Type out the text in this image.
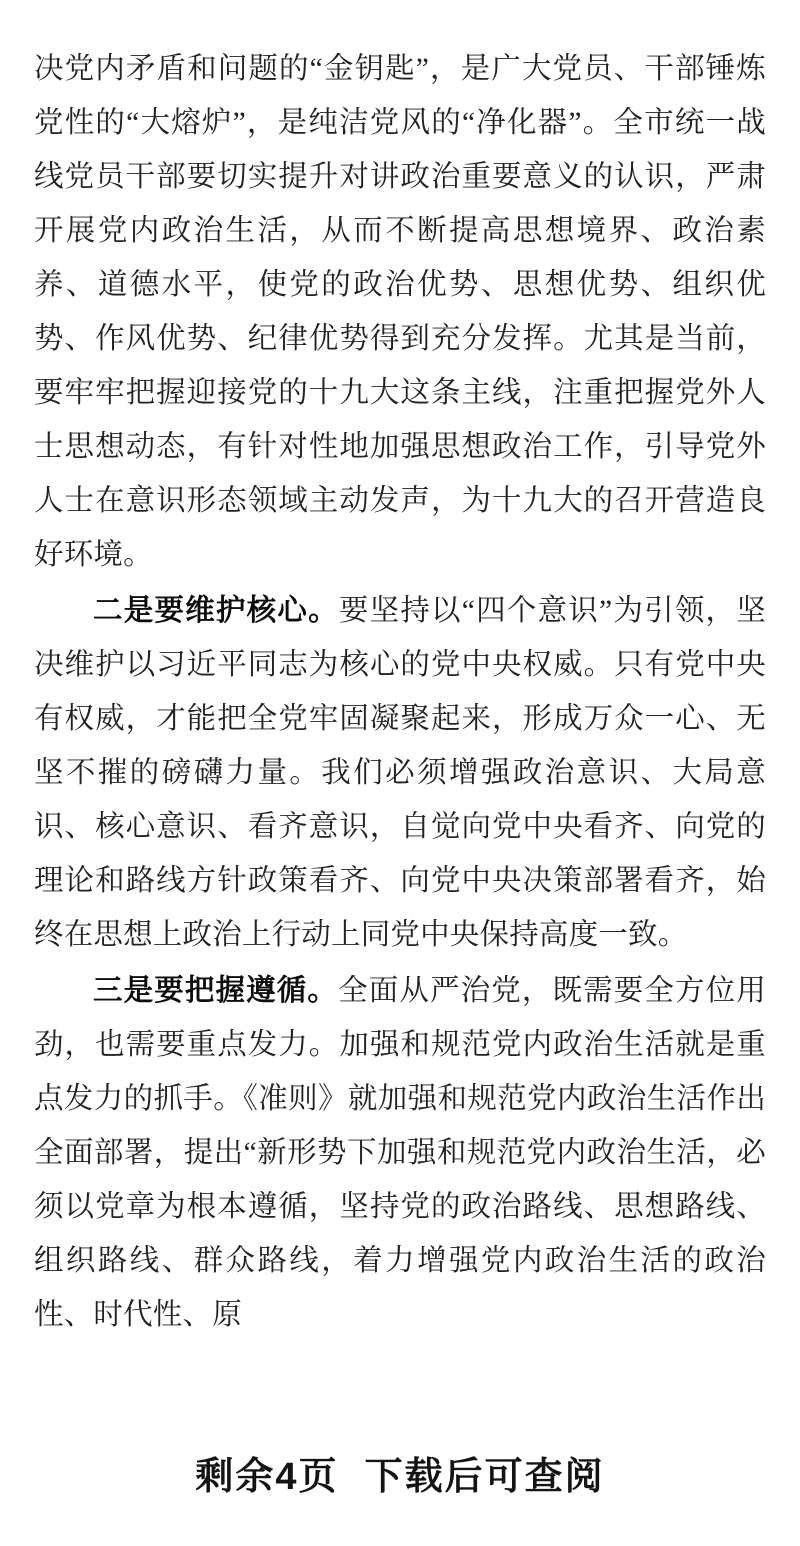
决党内矛盾和问题的“金钥匙”，是广大党员、干部锤炼党性的“大熔炉”，是纯洁党风的“净化器”。全市统一战线党员干部要切实提升对讲政治重要意义的认识，严肃开展党内政治生活，从而不断提高思想境界、政治素养、道德水平，使党的政治优势、思想优势、组织优势、作风优势、纪律优势得到充分发挥。尤其是当前，要牢牢把握迎接党的十九大这条主线，注重把握党外人士思想动态，有针对性地加强思想政治工作，引导党外人士在意识形态领域主动发声，为十九大的召开营造良好环境。

二是要维护核心。要坚持以“四个意识”为引领，坚决维护以习近平同志为核心的党中央权威。只有党中央有权威，才能把全党牢固凝聚起来，形成万众一心、无坚不摧的磅礴力量。我们必须增强政治意识、大局意识、核心意识、看齐意识，自觉向党中央看齐、向党的理论和路线方针政策看齐、向党中央决策部署看齐，始终在思想上政治上行动上同党中央保持高度一致。

三是要把握遵循。全面从严治党，既需要全方位用劲，也需要重点发力。加强和规范党内政治生活就是重点发力的抓手。《准则》就加强和规范党内政治生活作出全面部署，提出“新形势下加强和规范党内政治生活，必须以党章为根本遵循，坚持党的政治路线、思想路线、组织路线、群众路线，着力增强党内政治生活的政治性、时代性、原

剩余4页 下载后可查阅
